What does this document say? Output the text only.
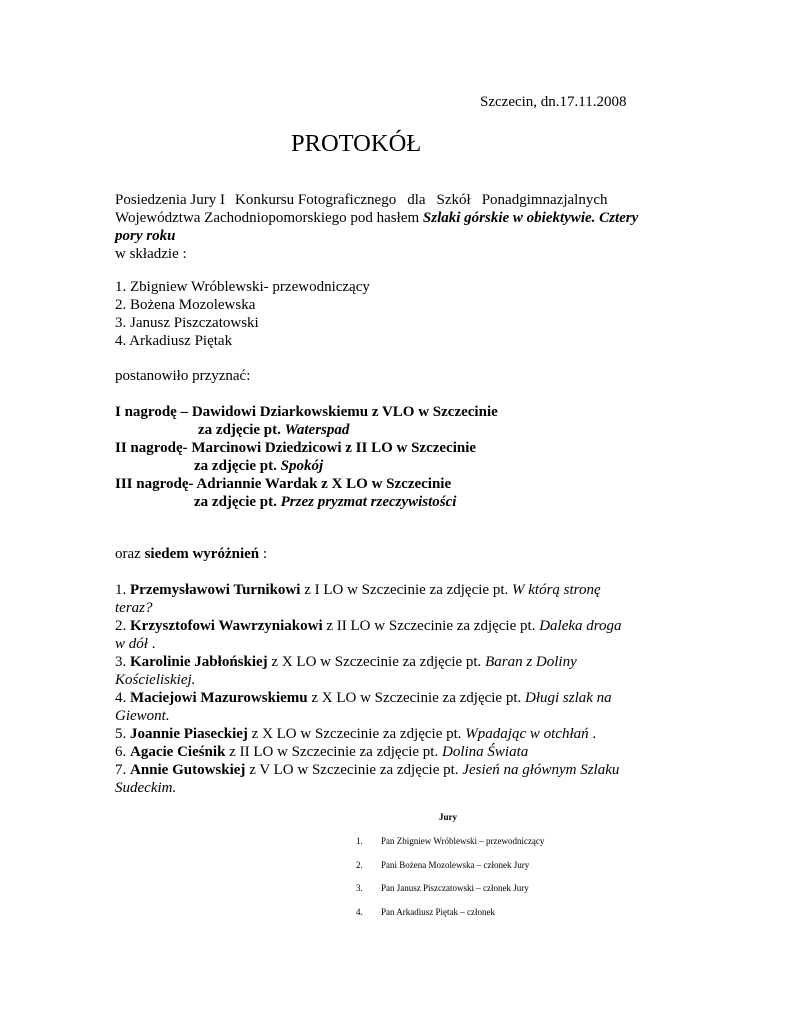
Szczecin, dn.17.11.2008
PROTOKÓŁ
Posiedzenia Jury I Konkursu Fotograficznego dla Szkół Ponadgimnazjalnych
Województwa Zachodniopomorskiego pod hasłem Szlaki górskie w obiektywie. Cztery
pory roku
w składzie :
1. Zbigniew Wróblewski- przewodniczący
2. Bożena Mozolewska
3. Janusz Piszczatowski
4. Arkadiusz Piętak
postanowiło przyznać:
I nagrodę – Dawidowi Dziarkowskiemu z VLO w Szczecinie
za zdjęcie pt. Waterspad
II nagrodę- Marcinowi Dziedzicowi z II LO w Szczecinie
za zdjęcie pt. Spokój
III nagrodę- Adriannie Wardak z X LO w Szczecinie
za zdjęcie pt. Przez pryzmat rzeczywistości
oraz siedem wyróżnień :
1. Przemysławowi Turnikowi z I LO w Szczecinie za zdjęcie pt. W którą stronę
teraz?
2. Krzysztofowi Wawrzyniakowi z II LO w Szczecinie za zdjęcie pt. Daleka droga
w dół .
3. Karolinie Jabłońskiej z X LO w Szczecinie za zdjęcie pt. Baran z Doliny
Kościeliskiej.
4. Maciejowi Mazurowskiemu z X LO w Szczecinie za zdjęcie pt. Długi szlak na
Giewont.
5. Joannie Piaseckiej z X LO w Szczecinie za zdjęcie pt. Wpadając w otchłań .
6. Agacie Cieśnik z II LO w Szczecinie za zdjęcie pt. Dolina Świata
7. Annie Gutowskiej z V LO w Szczecinie za zdjęcie pt. Jesień na głównym Szlaku
Sudeckim.
Jury
1. Pan Zbigniew Wróblewski – przewodniczący
2. Pani Bożena Mozolewska – członek Jury
3. Pan Janusz Piszczatowski – członek Jury
4. Pan Arkadiusz Piętak – członek
